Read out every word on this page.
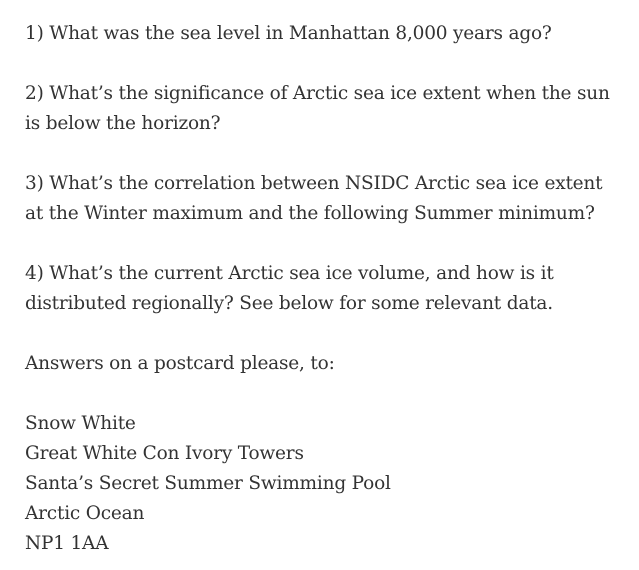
1) What was the sea level in Manhattan 8,000 years ago?

2) What’s the significance of Arctic sea ice extent when the sun is below the horizon?

3) What’s the correlation between NSIDC Arctic sea ice extent at the Winter maximum and the following Summer minimum?

4) What’s the current Arctic sea ice volume, and how is it distributed regionally? See below for some relevant data.

Answers on a postcard please, to:

Snow White
Great White Con Ivory Towers
Santa’s Secret Summer Swimming Pool
Arctic Ocean
NP1 1AA
